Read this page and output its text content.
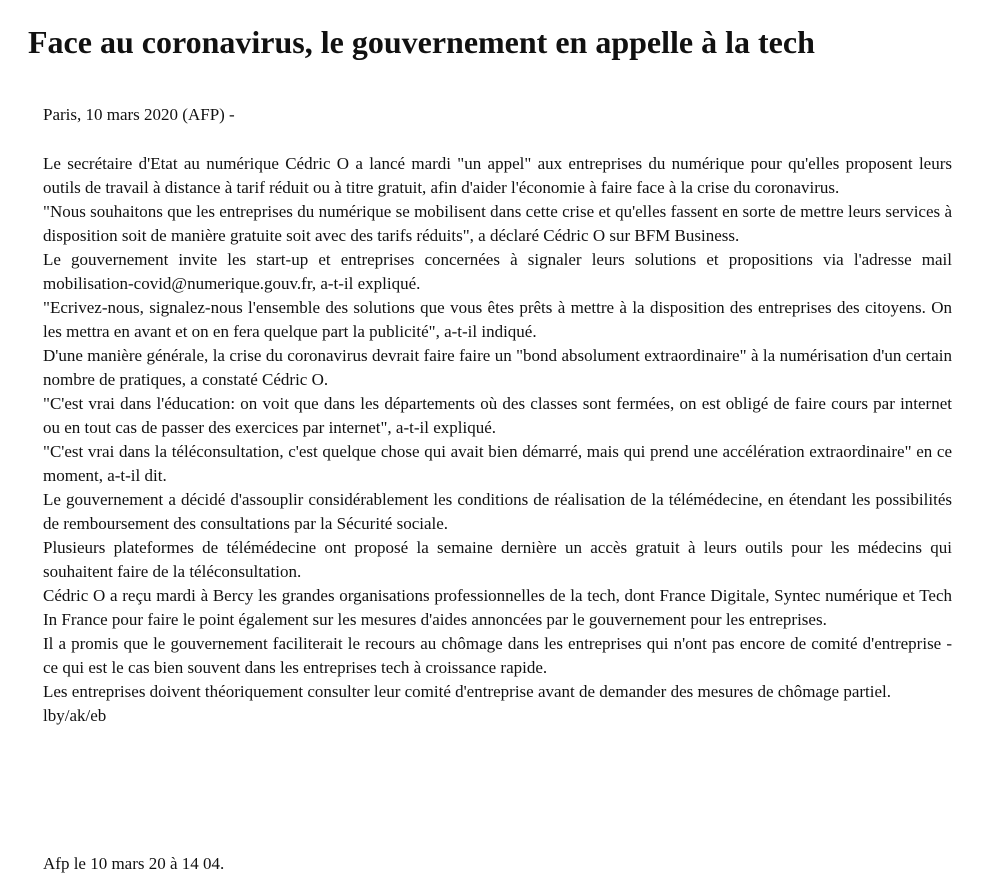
Face au coronavirus, le gouvernement en appelle à la tech
Paris, 10 mars 2020 (AFP) -

Le secrétaire d'Etat au numérique Cédric O a lancé mardi "un appel" aux entreprises du numérique pour qu'elles proposent leurs outils de travail à distance à tarif réduit ou à titre gratuit, afin d'aider l'économie à faire face à la crise du coronavirus.

"Nous souhaitons que les entreprises du numérique se mobilisent dans cette crise et qu'elles fassent en sorte de mettre leurs services à disposition soit de manière gratuite soit avec des tarifs réduits", a déclaré Cédric O sur BFM Business.

Le gouvernement invite les start-up et entreprises concernées à signaler leurs solutions et propositions via l'adresse mail mobilisation-covid@numerique.gouv.fr, a-t-il expliqué.

"Ecrivez-nous, signalez-nous l'ensemble des solutions que vous êtes prêts à mettre à la disposition des entreprises des citoyens. On les mettra en avant et on en fera quelque part la publicité", a-t-il indiqué.

D'une manière générale, la crise du coronavirus devrait faire faire un "bond absolument extraordinaire" à la numérisation d'un certain nombre de pratiques, a constaté Cédric O.

"C'est vrai dans l'éducation: on voit que dans les départements où des classes sont fermées, on est obligé de faire cours par internet ou en tout cas de passer des exercices par internet", a-t-il expliqué.

"C'est vrai dans la téléconsultation, c'est quelque chose qui avait bien démarré, mais qui prend une accélération extraordinaire" en ce moment, a-t-il dit.

Le gouvernement a décidé d'assouplir considérablement les conditions de réalisation de la télémédecine, en étendant les possibilités de remboursement des consultations par la Sécurité sociale.

Plusieurs plateformes de télémédecine ont proposé la semaine dernière un accès gratuit à leurs outils pour les médecins qui souhaitent faire de la téléconsultation.

Cédric O a reçu mardi à Bercy les grandes organisations professionnelles de la tech, dont France Digitale, Syntec numérique et Tech In France pour faire le point également sur les mesures d'aides annoncées par le gouvernement pour les entreprises.

Il a promis que le gouvernement faciliterait le recours au chômage dans les entreprises qui n'ont pas encore de comité d'entreprise - ce qui est le cas bien souvent dans les entreprises tech à croissance rapide.

Les entreprises doivent théoriquement consulter leur comité d'entreprise avant de demander des mesures de chômage partiel.

lby/ak/eb

Afp le 10 mars 20 à 14 04.
